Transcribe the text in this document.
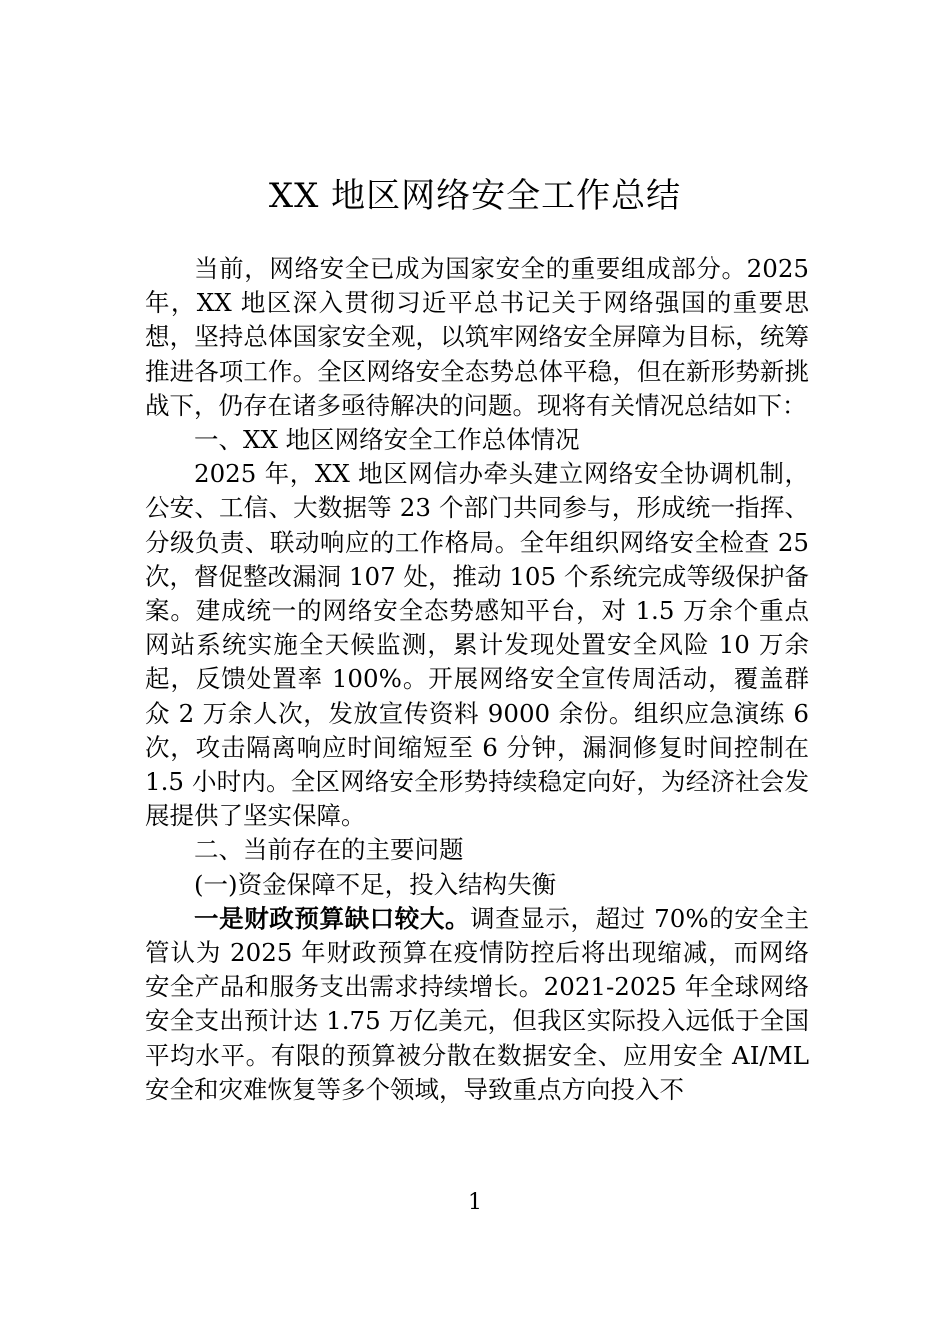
XX 地区网络安全工作总结

当前，网络安全已成为国家安全的重要组成部分。2025 年，XX 地区深入贯彻习近平总书记关于网络强国的重要思想，坚持总体国家安全观，以筑牢网络安全屏障为目标，统筹推进各项工作。全区网络安全态势总体平稳，但在新形势新挑战下，仍存在诸多亟待解决的问题。现将有关情况总结如下：

一、XX 地区网络安全工作总体情况

2025 年，XX 地区网信办牵头建立网络安全协调机制，公安、工信、大数据等 23 个部门共同参与，形成统一指挥、分级负责、联动响应的工作格局。全年组织网络安全检查 25 次，督促整改漏洞 107 处，推动 105 个系统完成等级保护备案。建成统一的网络安全态势感知平台，对 1.5 万余个重点网站系统实施全天候监测，累计发现处置安全风险 10 万余起，反馈处置率 100%。开展网络安全宣传周活动，覆盖群众 2 万余人次，发放宣传资料 9000 余份。组织应急演练 6 次，攻击隔离响应时间缩短至 6 分钟，漏洞修复时间控制在 1.5 小时内。全区网络安全形势持续稳定向好，为经济社会发展提供了坚实保障。

二、当前存在的主要问题

(一)资金保障不足，投入结构失衡

一是财政预算缺口较大。调查显示，超过 70%的安全主管认为 2025 年财政预算在疫情防控后将出现缩减，而网络安全产品和服务支出需求持续增长。2021-2025 年全球网络安全支出预计达 1.75 万亿美元，但我区实际投入远低于全国平均水平。有限的预算被分散在数据安全、应用安全 AI/ML 安全和灾难恢复等多个领域，导致重点方向投入不

1
